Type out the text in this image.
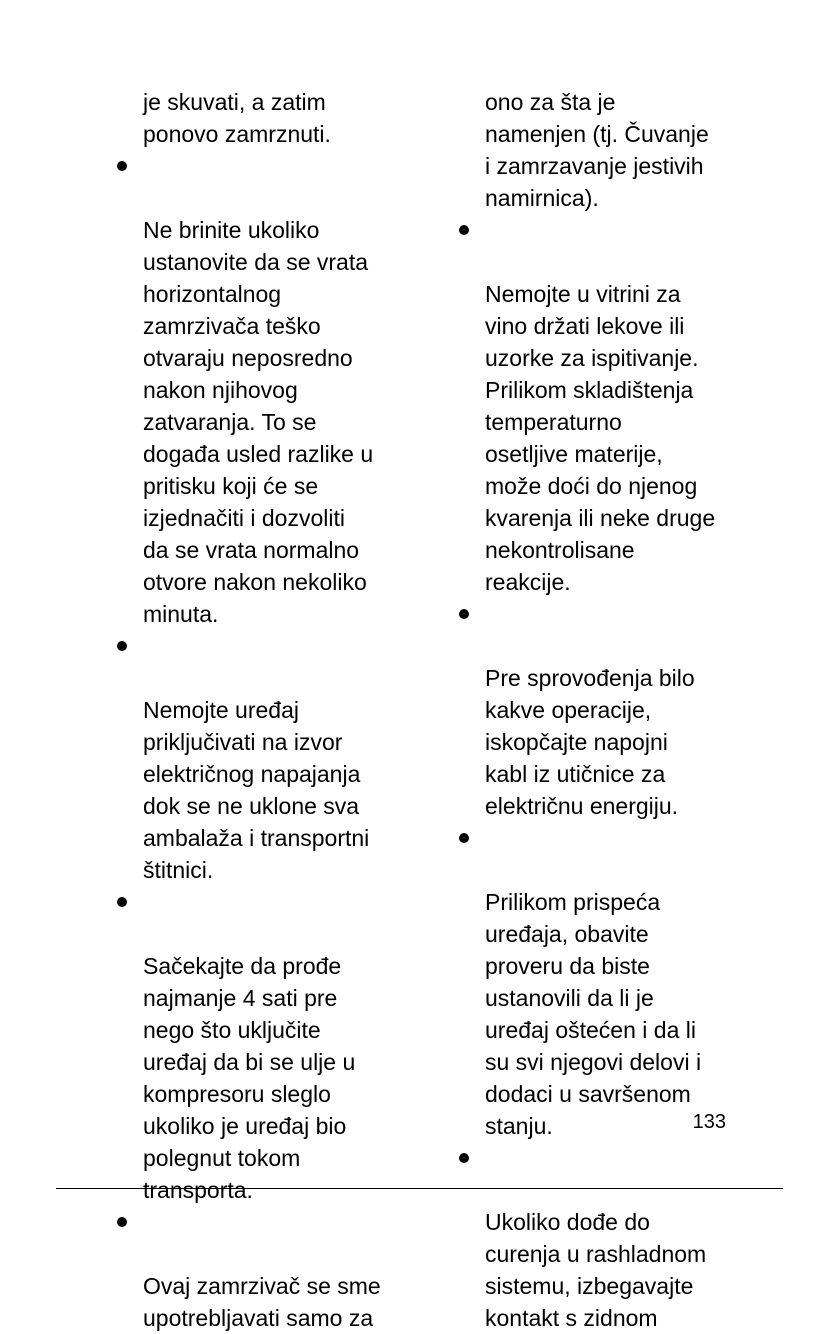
je skuvati, a zatim
ponovo zamrznuti.

Ne brinite ukoliko
ustanovite da se vrata
horizontalnog
zamrzivača teško
otvaraju neposredno
nakon njihovog
zatvaranja. To se
događa usled razlike u
pritisku koji će se
izjednačiti i dozvoliti
da se vrata normalno
otvore nakon nekoliko
minuta.

Nemojte uređaj
priključivati na izvor
električnog napajanja
dok se ne uklone sva
ambalaža i transportni
štitnici.

Sačekajte da prođe
najmanje 4 sati pre
nego što uključite
uređaj da bi se ulje u
kompresoru sleglo
ukoliko je uređaj bio
polegnut tokom
transporta.

Ovaj zamrzivač se sme
upotrebljavati samo za

ono za šta je
namenjen (tj. Čuvanje
i zamrzavanje jestivih
namirnica).

Nemojte u vitrini za
vino držati lekove ili
uzorke za ispitivanje.
Prilikom skladištenja
temperaturno
osetljive materije,
može doći do njenog
kvarenja ili neke druge
nekontrolisane
reakcije.

Pre sprovođenja bilo
kakve operacije,
iskopčajte napojni
kabl iz utičnice za
električnu energiju.

Prilikom prispeća
uređaja, obavite
proveru da biste
ustanovili da li je
uređaj oštećen i da li
su svi njegovi delovi i
dodaci u savršenom
stanju.

Ukoliko dođe do
curenja u rashladnom
sistemu, izbegavajte
kontakt s zidnom

133
